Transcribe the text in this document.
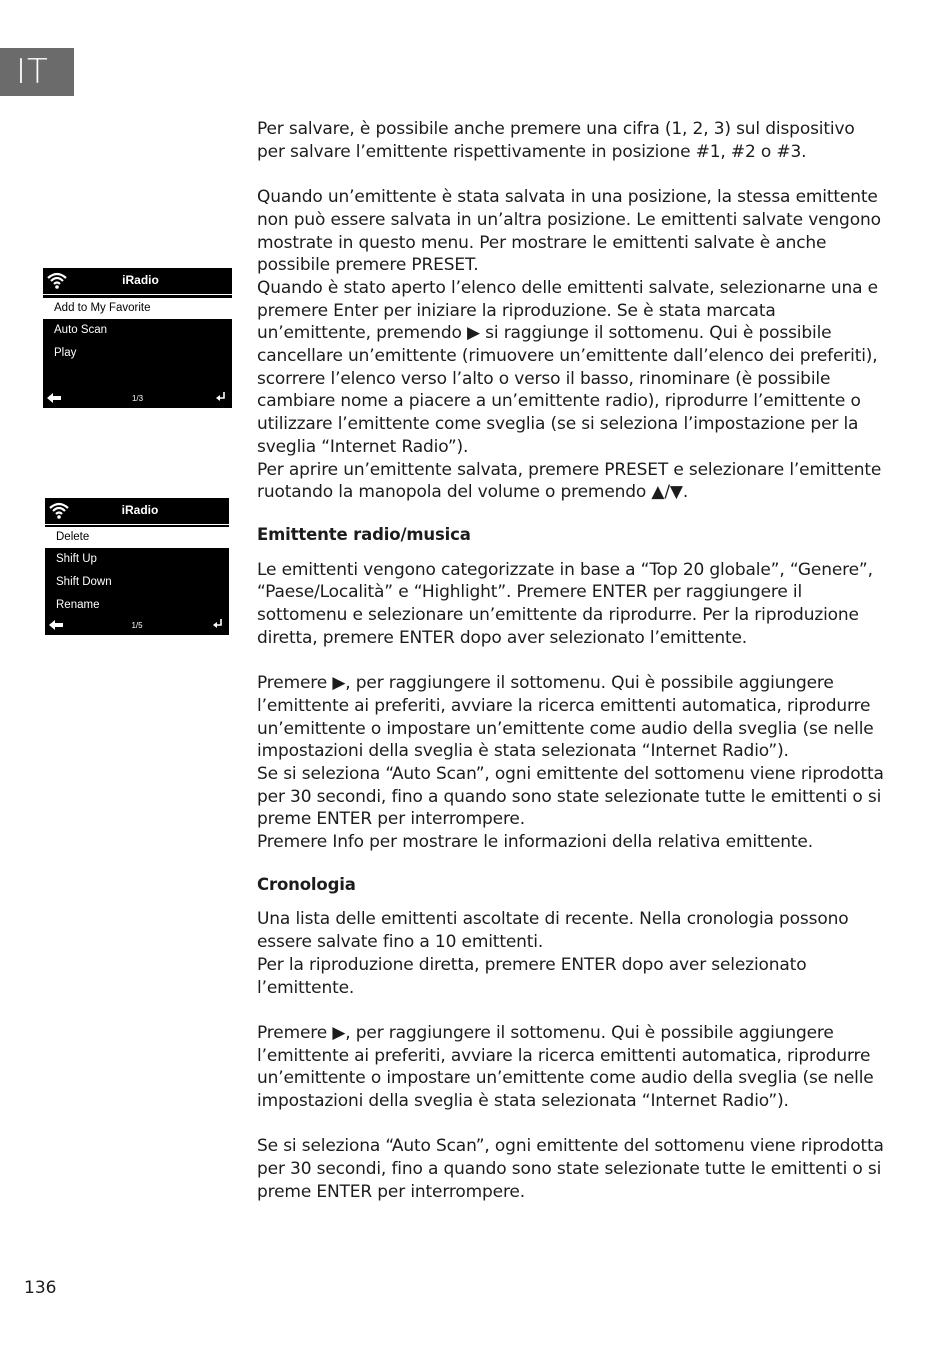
IT
iRadio
Add to My Favorite
Auto Scan
Play
1/3
iRadio
Delete
Shift Up
Shift Down
Rename
1/5

Per salvare, è possibile anche premere una cifra (1, 2, 3) sul dispositivo per salvare l’emittente rispettivamente in posizione #1, #2 o #3.

Quando un’emittente è stata salvata in una posizione, la stessa emittente non può essere salvata in un’altra posizione. Le emittenti salvate vengono mostrate in questo menu. Per mostrare le emittenti salvate è anche possibile premere PRESET.

Quando è stato aperto l’elenco delle emittenti salvate, selezionarne una e premere Enter per iniziare la riproduzione. Se è stata marcata un’emittente, premendo ▶ si raggiunge il sottomenu. Qui è possibile cancellare un’emittente (rimuovere un’emittente dall’elenco dei preferiti), scorrere l’elenco verso l’alto o verso il basso, rinominare (è possibile cambiare nome a piacere a un’emittente radio), riprodurre l’emittente o utilizzare l’emittente come sveglia (se si seleziona l’impostazione per la sveglia “Internet Radio”).

Per aprire un’emittente salvata, premere PRESET e selezionare l’emittente ruotando la manopola del volume o premendo ▲/▼.

Emittente radio/musica

Le emittenti vengono categorizzate in base a “Top 20 globale”, “Genere”, “Paese/Località” e “Highlight”. Premere ENTER per raggiungere il sottomenu e selezionare un’emittente da riprodurre. Per la riproduzione diretta, premere ENTER dopo aver selezionato l’emittente.

Premere ▶, per raggiungere il sottomenu. Qui è possibile aggiungere l’emittente ai preferiti, avviare la ricerca emittenti automatica, riprodurre un’emittente o impostare un’emittente come audio della sveglia (se nelle impostazioni della sveglia è stata selezionata “Internet Radio”).

Se si seleziona “Auto Scan”, ogni emittente del sottomenu viene riprodotta per 30 secondi, fino a quando sono state selezionate tutte le emittenti o si preme ENTER per interrompere.

Premere Info per mostrare le informazioni della relativa emittente.

Cronologia

Una lista delle emittenti ascoltate di recente. Nella cronologia possono essere salvate fino a 10 emittenti.

Per la riproduzione diretta, premere ENTER dopo aver selezionato l’emittente.

Premere ▶, per raggiungere il sottomenu. Qui è possibile aggiungere l’emittente ai preferiti, avviare la ricerca emittenti automatica, riprodurre un’emittente o impostare un’emittente come audio della sveglia (se nelle impostazioni della sveglia è stata selezionata “Internet Radio”).

Se si seleziona “Auto Scan”, ogni emittente del sottomenu viene riprodotta per 30 secondi, fino a quando sono state selezionate tutte le emittenti o si preme ENTER per interrompere.

136
